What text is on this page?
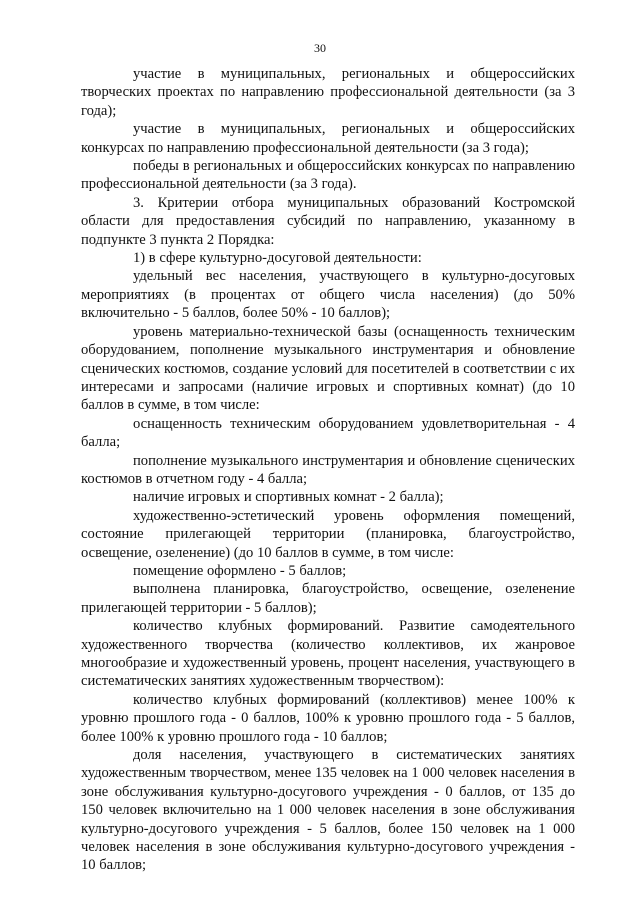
30

участие в муниципальных, региональных и общероссийских творческих проектах по направлению профессиональной деятельности (за 3 года);

участие в муниципальных, региональных и общероссийских конкурсах по направлению профессиональной деятельности (за 3 года);

победы в региональных и общероссийских конкурсах по направлению профессиональной деятельности (за 3 года).

3. Критерии отбора муниципальных образований Костромской области для предоставления субсидий по направлению, указанному в подпункте 3 пункта 2 Порядка:

1) в сфере культурно-досуговой деятельности:

удельный вес населения, участвующего в культурно-досуговых мероприятиях (в процентах от общего числа населения) (до 50% включительно - 5 баллов, более 50% - 10 баллов);

уровень материально-технической базы (оснащенность техническим оборудованием, пополнение музыкального инструментария и обновление сценических костюмов, создание условий для посетителей в соответствии с их интересами и запросами (наличие игровых и спортивных комнат) (до 10 баллов в сумме, в том числе:

оснащенность техническим оборудованием удовлетворительная - 4 балла;

пополнение музыкального инструментария и обновление сценических костюмов в отчетном году - 4 балла;

наличие игровых и спортивных комнат - 2 балла);

художественно-эстетический уровень оформления помещений, состояние прилегающей территории (планировка, благоустройство, освещение, озеленение) (до 10 баллов в сумме, в том числе:

помещение оформлено - 5 баллов;

выполнена планировка, благоустройство, освещение, озеленение прилегающей территории - 5 баллов);

количество клубных формирований. Развитие самодеятельного художественного творчества (количество коллективов, их жанровое многообразие и художественный уровень, процент населения, участвующего в систематических занятиях художественным творчеством):

количество клубных формирований (коллективов) менее 100% к уровню прошлого года - 0 баллов, 100% к уровню прошлого года - 5 баллов, более 100% к уровню прошлого года - 10 баллов;

доля населения, участвующего в систематических занятиях художественным творчеством, менее 135 человек на 1 000 человек населения в зоне обслуживания культурно-досугового учреждения - 0 баллов, от 135 до 150 человек включительно на 1 000 человек населения в зоне обслуживания культурно-досугового учреждения - 5 баллов, более 150 человек на 1 000 человек населения в зоне обслуживания культурно-досугового учреждения - 10 баллов;
